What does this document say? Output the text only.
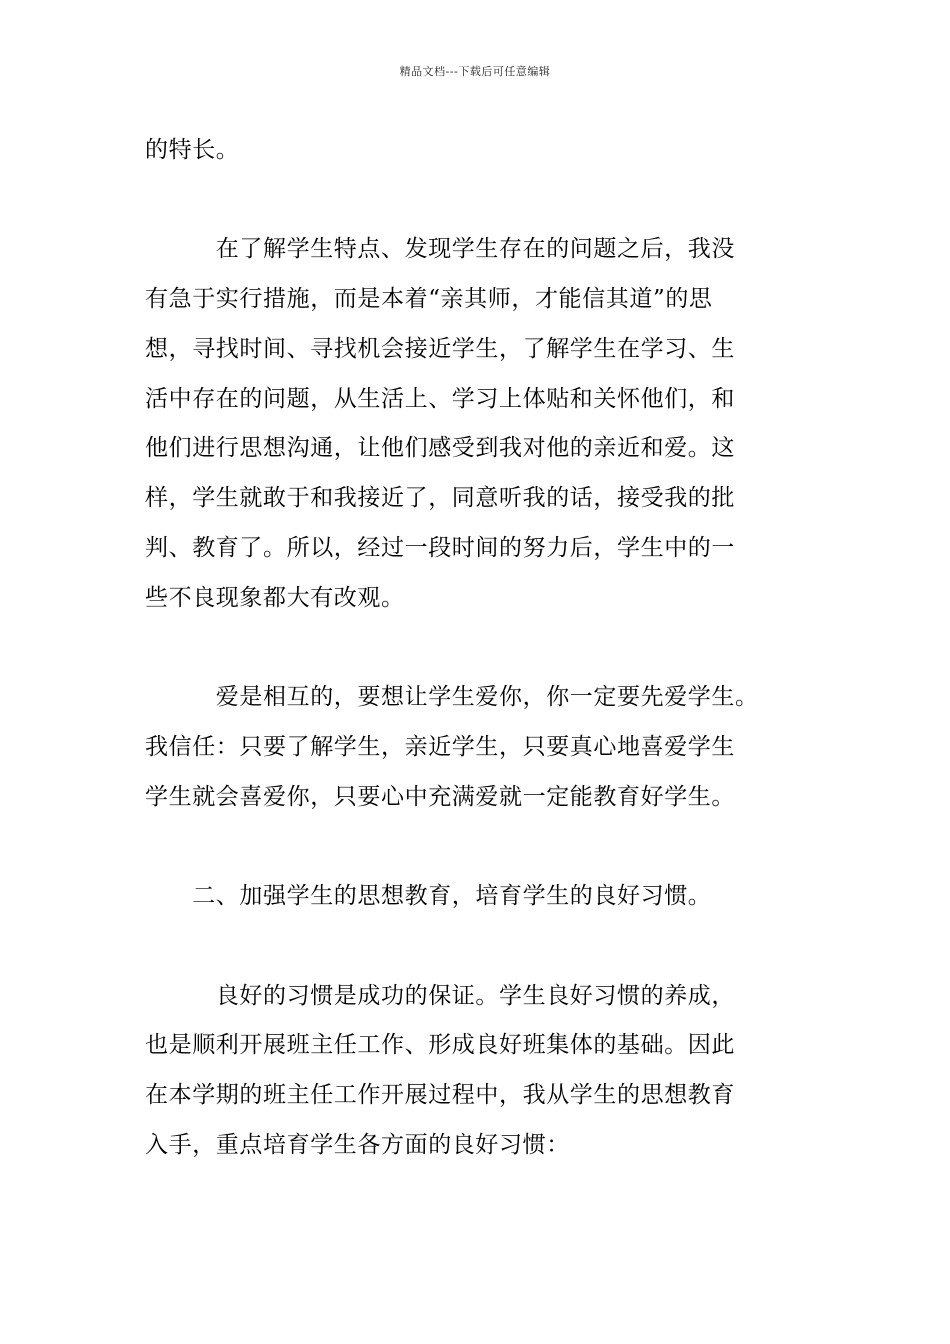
精品文档---下载后可任意编辑
的特长。
　　　在了解学生特点、发现学生存在的问题之后，我没
有急于实行措施，而是本着“亲其师，才能信其道”的思
想，寻找时间、寻找机会接近学生，了解学生在学习、生
活中存在的问题，从生活上、学习上体贴和关怀他们，和
他们进行思想沟通，让他们感受到我对他的亲近和爱。这
样，学生就敢于和我接近了，同意听我的话，接受我的批
判、教育了。所以，经过一段时间的努力后，学生中的一
些不良现象都大有改观。
　　　爱是相互的，要想让学生爱你，你一定要先爱学生。
我信任：只要了解学生，亲近学生，只要真心地喜爱学生
学生就会喜爱你，只要心中充满爱就一定能教育好学生。
　　二、加强学生的思想教育，培育学生的良好习惯。
　　　良好的习惯是成功的保证。学生良好习惯的养成，
也是顺利开展班主任工作、形成良好班集体的基础。因此
在本学期的班主任工作开展过程中，我从学生的思想教育
入手，重点培育学生各方面的良好习惯：
